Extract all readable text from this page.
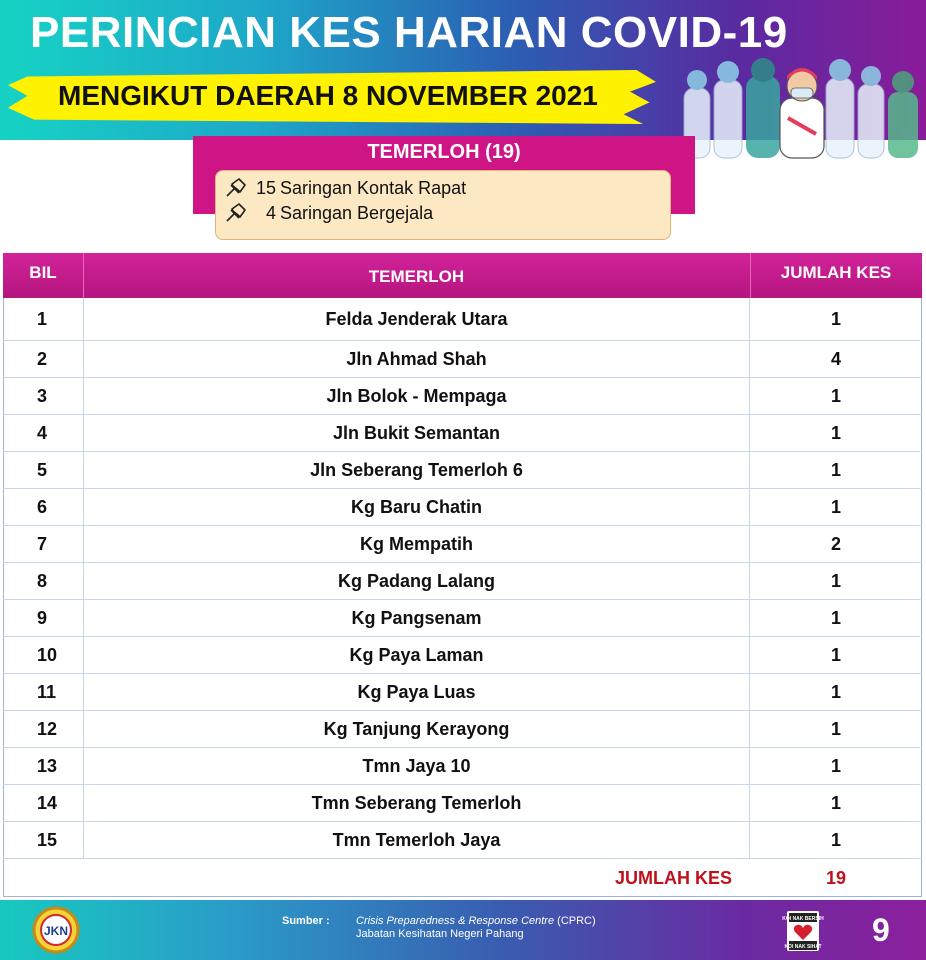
PERINCIAN KES HARIAN COVID-19
MENGIKUT DAERAH 8 NOVEMBER 2021
TEMERLOH (19)
15 Saringan Kontak Rapat
4 Saringan Bergejala
BIL	TEMERLOH	JUMLAH KES
1	Felda Jenderak Utara	1
2	Jln Ahmad Shah	4
3	Jln Bolok - Mempaga	1
4	Jln Bukit Semantan	1
5	Jln Seberang Temerloh 6	1
6	Kg Baru Chatin	1
7	Kg Mempatih	2
8	Kg Padang Lalang	1
9	Kg Pangsenam	1
10	Kg Paya Laman	1
11	Kg Paya Luas	1
12	Kg Tanjung Kerayong	1
13	Tmn Jaya 10	1
14	Tmn Seberang Temerloh	1
15	Tmn Temerloh Jaya	1
JUMLAH KES	19
JKN
Sumber : Crisis Preparedness & Response Centre (CPRC)
Jabatan Kesihatan Negeri Pahang
KOI NAK BERSIH
KOI NAK SIHAT 9
